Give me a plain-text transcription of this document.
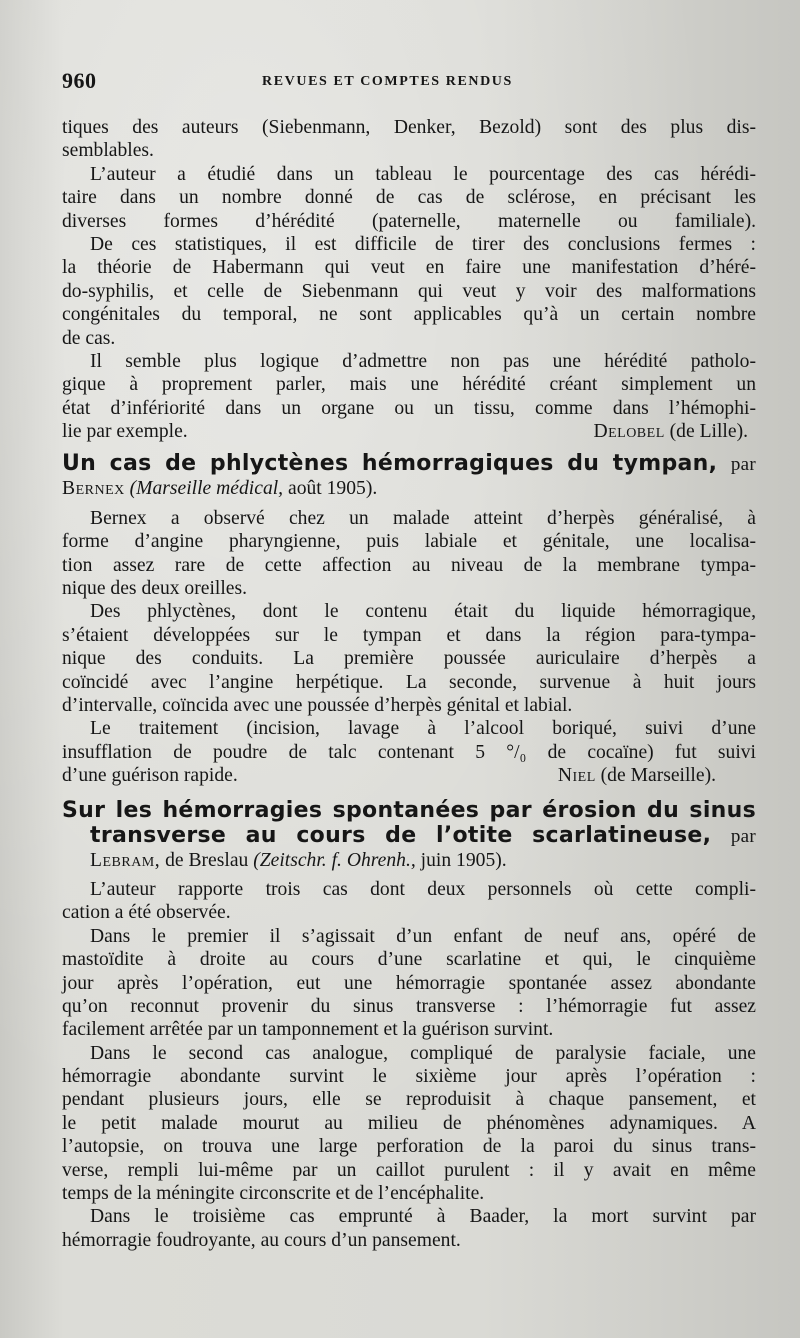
960	REVUES ET COMPTES RENDUS
tiques des auteurs (Siebenmann, Denker, Bezold) sont des plus dis-
semblables.
L’auteur a étudié dans un tableau le pourcentage des cas hérédi-
taire dans un nombre donné de cas de sclérose, en précisant les
diverses formes d’hérédité (paternelle, maternelle ou familiale).
De ces statistiques, il est difficile de tirer des conclusions fermes :
la théorie de Habermann qui veut en faire une manifestation d’héré-
do-syphilis, et celle de Siebenmann qui veut y voir des malformations
congénitales du temporal, ne sont applicables qu’à un certain nombre
de cas.
Il semble plus logique d’admettre non pas une hérédité patholo-
gique à proprement parler, mais une hérédité créant simplement un
état d’infériorité dans un organe ou un tissu, comme dans l’hémophi-
lie par exemple.	Delobel (de Lille).
Un cas de phlyctènes hémorragiques du tympan, par
Bernex (Marseille médical, août 1905).
Bernex a observé chez un malade atteint d’herpès généralisé, à
forme d’angine pharyngienne, puis labiale et génitale, une localisa-
tion assez rare de cette affection au niveau de la membrane tympa-
nique des deux oreilles.
Des phlyctènes, dont le contenu était du liquide hémorragique,
s’étaient développées sur le tympan et dans la région para-tympa-
nique des conduits. La première poussée auriculaire d’herpès a
coïncidé avec l’angine herpétique. La seconde, survenue à huit jours
d’intervalle, coïncida avec une poussée d’herpès génital et labial.
Le traitement (incision, lavage à l’alcool boriqué, suivi d’une
insufflation de poudre de talc contenant 5 °/₀ de cocaïne) fut suivi
d’une guérison rapide.	Niel (de Marseille).
Sur les hémorragies spontanées par érosion du sinus
transverse au cours de l’otite scarlatineuse, par
Lebram, de Breslau (Zeitschr. f. Ohrenh., juin 1905).
L’auteur rapporte trois cas dont deux personnels où cette compli-
cation a été observée.
Dans le premier il s’agissait d’un enfant de neuf ans, opéré de
mastoïdite à droite au cours d’une scarlatine et qui, le cinquième
jour après l’opération, eut une hémorragie spontanée assez abondante
qu’on reconnut provenir du sinus transverse : l’hémorragie fut assez
facilement arrêtée par un tamponnement et la guérison survint.
Dans le second cas analogue, compliqué de paralysie faciale, une
hémorragie abondante survint le sixième jour après l’opération :
pendant plusieurs jours, elle se reproduisit à chaque pansement, et
le petit malade mourut au milieu de phénomènes adynamiques. A
l’autopsie, on trouva une large perforation de la paroi du sinus trans-
verse, rempli lui-même par un caillot purulent : il y avait en même
temps de la méningite circonscrite et de l’encéphalite.
Dans le troisième cas emprunté à Baader, la mort survint par
hémorragie foudroyante, au cours d’un pansement.
